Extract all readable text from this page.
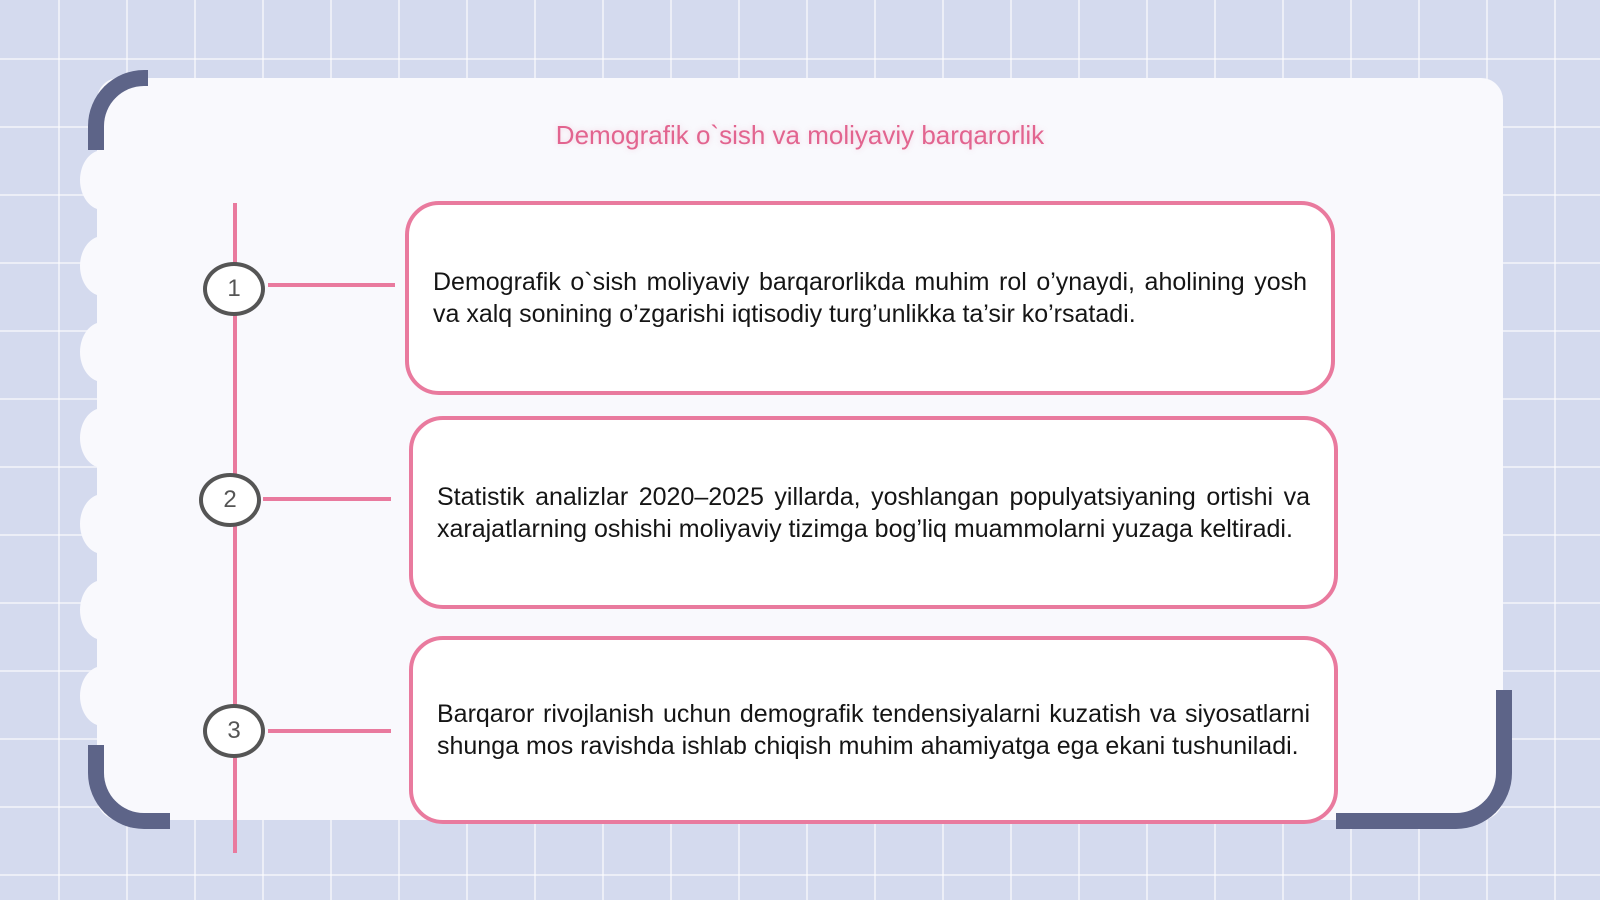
Demografik o`sish va moliyaviy barqarorlik
1
2
3

Demografik o`sish moliyaviy barqarorlikda muhim rol o’ynaydi, aholining yosh va xalq sonining o’zgarishi iqtisodiy turg’unlikka ta’sir ko’rsatadi.

Statistik analizlar 2020–2025 yillarda, yoshlangan populyatsiyaning ortishi va xarajatlarning oshishi moliyaviy tizimga bog’liq muammolarni yuzaga keltiradi.

Barqaror rivojlanish uchun demografik tendensiyalarni kuzatish va siyosatlarni shunga mos ravishda ishlab chiqish muhim ahamiyatga ega ekani tushuniladi.
